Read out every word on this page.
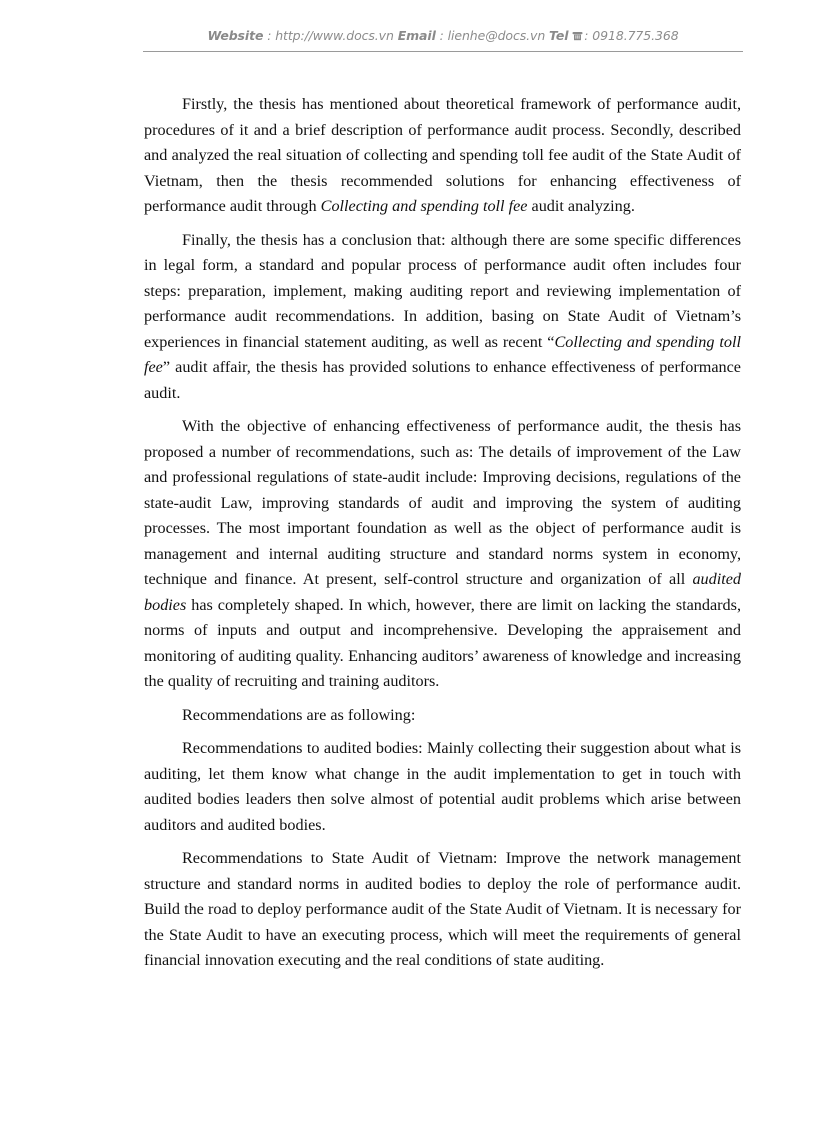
Website : http://www.docs.vn Email : lienhe@docs.vn Tel : 0918.775.368

Firstly, the thesis has mentioned about theoretical framework of performance audit, procedures of it and a brief description of performance audit process. Secondly, described and analyzed the real situation of collecting and spending toll fee audit of the State Audit of Vietnam, then the thesis recommended solutions for enhancing effectiveness of performance audit through Collecting and spending toll fee audit analyzing.

Finally, the thesis has a conclusion that: although there are some specific differences in legal form, a standard and popular process of performance audit often includes four steps: preparation, implement, making auditing report and reviewing implementation of performance audit recommendations. In addition, basing on State Audit of Vietnam’s experiences in financial statement auditing, as well as recent “Collecting and spending toll fee” audit affair, the thesis has provided solutions to enhance effectiveness of performance audit.

With the objective of enhancing effectiveness of performance audit, the thesis has proposed a number of recommendations, such as: The details of improvement of the Law and professional regulations of state-audit include: Improving decisions, regulations of the state-audit Law, improving standards of audit and improving the system of auditing processes. The most important foundation as well as the object of performance audit is management and internal auditing structure and standard norms system in economy, technique and finance. At present, self-control structure and organization of all audited bodies has completely shaped. In which, however, there are limit on lacking the standards, norms of inputs and output and incomprehensive. Developing the appraisement and monitoring of auditing quality. Enhancing auditors’ awareness of knowledge and increasing the quality of recruiting and training auditors.

Recommendations are as following:

Recommendations to audited bodies: Mainly collecting their suggestion about what is auditing, let them know what change in the audit implementation to get in touch with audited bodies leaders then solve almost of potential audit problems which arise between auditors and audited bodies.

Recommendations to State Audit of Vietnam: Improve the network management structure and standard norms in audited bodies to deploy the role of performance audit. Build the road to deploy performance audit of the State Audit of Vietnam. It is necessary for the State Audit to have an executing process, which will meet the requirements of general financial innovation executing and the real conditions of state auditing.
